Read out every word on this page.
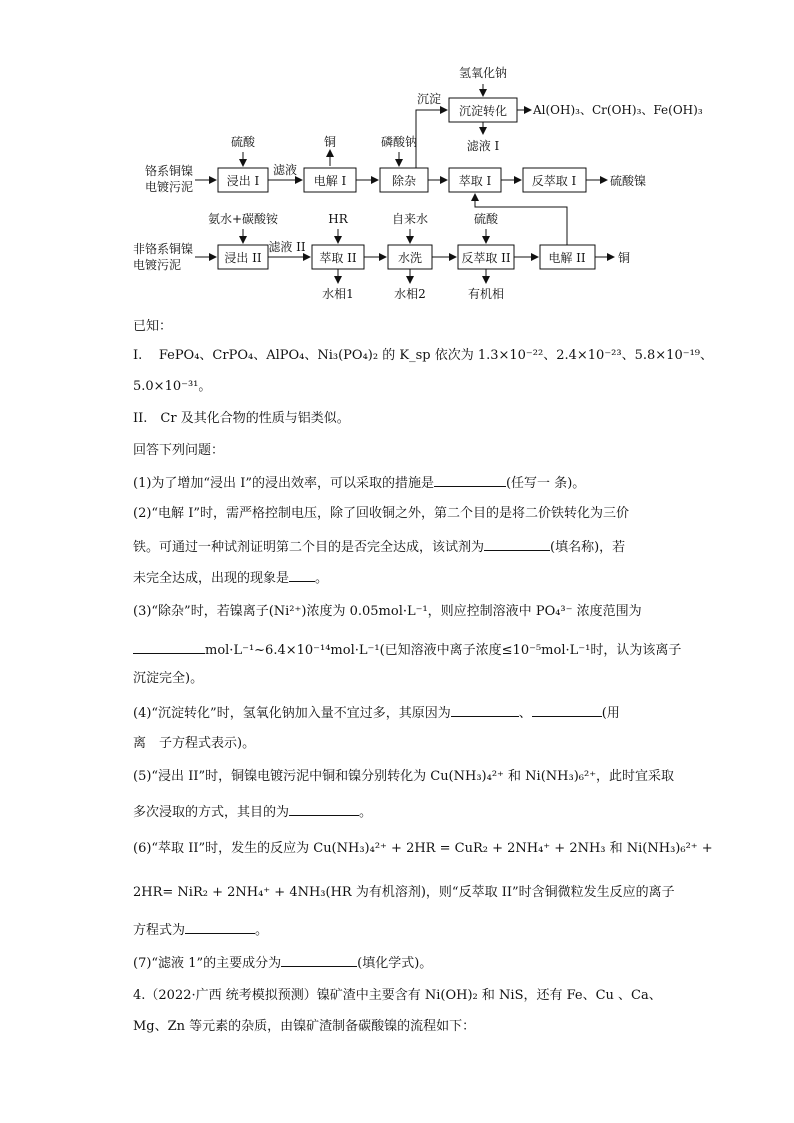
铬系铜镍
电镀污泥	浸出 I
硫酸
滤液
电解 I
铜
除杂
磷酸钠
沉淀
沉淀转化
氢氧化钠
Al(OH)₃、Cr(OH)₃、Fe(OH)₃
滤液 I
萃取 I	反萃取 I	硫酸镍
非铬系铜镍
电镀污泥	浸出 II
氨水+碳酸铵
滤液 II
萃取 II
HR
水相1
水洗
自来水
水相2
反萃取 II
硫酸
有机相
电解 II	铜
已知：
I. FePO₄、CrPO₄、AlPO₄、Ni₃(PO₄)₂ 的 K_sp 依次为 1.3×10⁻²²、2.4×10⁻²³、5.8×10⁻¹⁹、
5.0×10⁻³¹。
II.　Cr 及其化合物的性质与铝类似。
回答下列问题：
(1)为了增加“浸出 I”的浸出效率，可以采取的措施是	(任写一 条)。
(2)“电解 I”时，需严格控制电压，除了回收铜之外，第二个目的是将二价铁转化为三价
铁。可通过一种试剂证明第二个目的是否完全达成，该试剂为	(填名称)，若
未完全达成，出现的现象是 。
(3)“除杂”时，若镍离子(Ni²⁺)浓度为 0.05mol·L⁻¹，则应控制溶液中 PO₄³⁻ 浓度范围为
mol·L⁻¹~6.4×10⁻¹⁴mol·L⁻¹(已知溶液中离子浓度≤10⁻⁵mol·L⁻¹时，认为该离子
沉淀完全)。
(4)“沉淀转化”时，氢氧化钠加入量不宜过多，其原因为	、	(用
离　子方程式表示)。
(5)“浸出 II”时，铜镍电镀污泥中铜和镍分别转化为 Cu(NH₃)₄²⁺ 和 Ni(NH₃)₆²⁺，此时宜采取
多次浸取的方式，其目的为	。
(6)“萃取 II”时，发生的反应为 Cu(NH₃)₄²⁺ + 2HR = CuR₂ + 2NH₄⁺ + 2NH₃ 和 Ni(NH₃)₆²⁺ +
2HR= NiR₂ + 2NH₄⁺ + 4NH₃(HR 为有机溶剂)，则“反萃取 II”时含铜微粒发生反应的离子
方程式为	。
(7)“滤液 1”的主要成分为	(填化学式)。
4.（2022·广西 统考模拟预测）镍矿渣中主要含有 Ni(OH)₂ 和 NiS，还有 Fe、Cu 、Ca、
Mg、Zn 等元素的杂质，由镍矿渣制备碳酸镍的流程如下：
